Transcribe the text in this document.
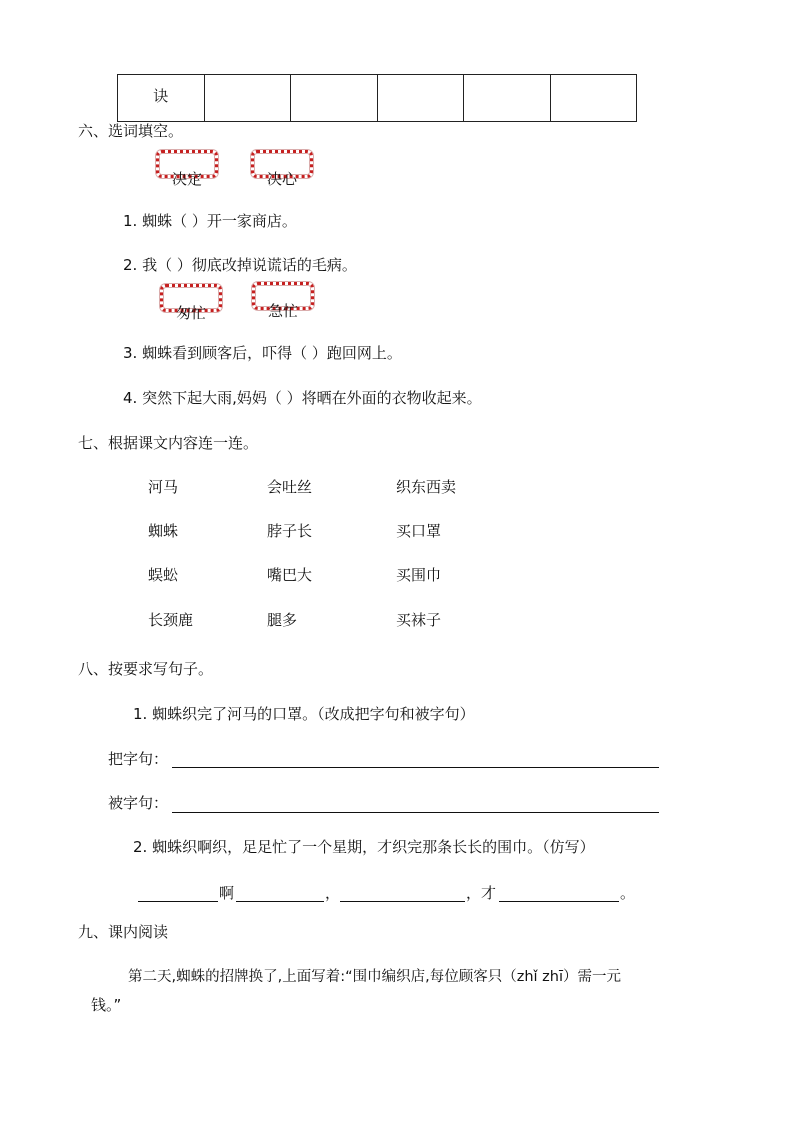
诀					
六、选词填空。
决定	决心
1. 蜘蛛（ ）开一家商店。
2. 我（ ）彻底改掉说谎话的毛病。
匆忙	急忙
3. 蜘蛛看到顾客后，吓得（ ）跑回网上。
4. 突然下起大雨,妈妈（ ）将晒在外面的衣物收起来。
七、根据课文内容连一连。
河马	会吐丝	织东西卖
蜘蛛	脖子长	买口罩
蜈蚣	嘴巴大	买围巾
长颈鹿	腿多	买袜子
八、按要求写句子。
1. 蜘蛛织完了河马的口罩。（改成把字句和被字句）
把字句：
被字句：
2. 蜘蛛织啊织，足足忙了一个星期，才织完那条长长的围巾。（仿写）
啊	，	，才	。
九、课内阅读
第二天,蜘蛛的招牌换了,上面写着:“围巾编织店,每位顾客只（zhǐ zhī）需一元
钱。”
